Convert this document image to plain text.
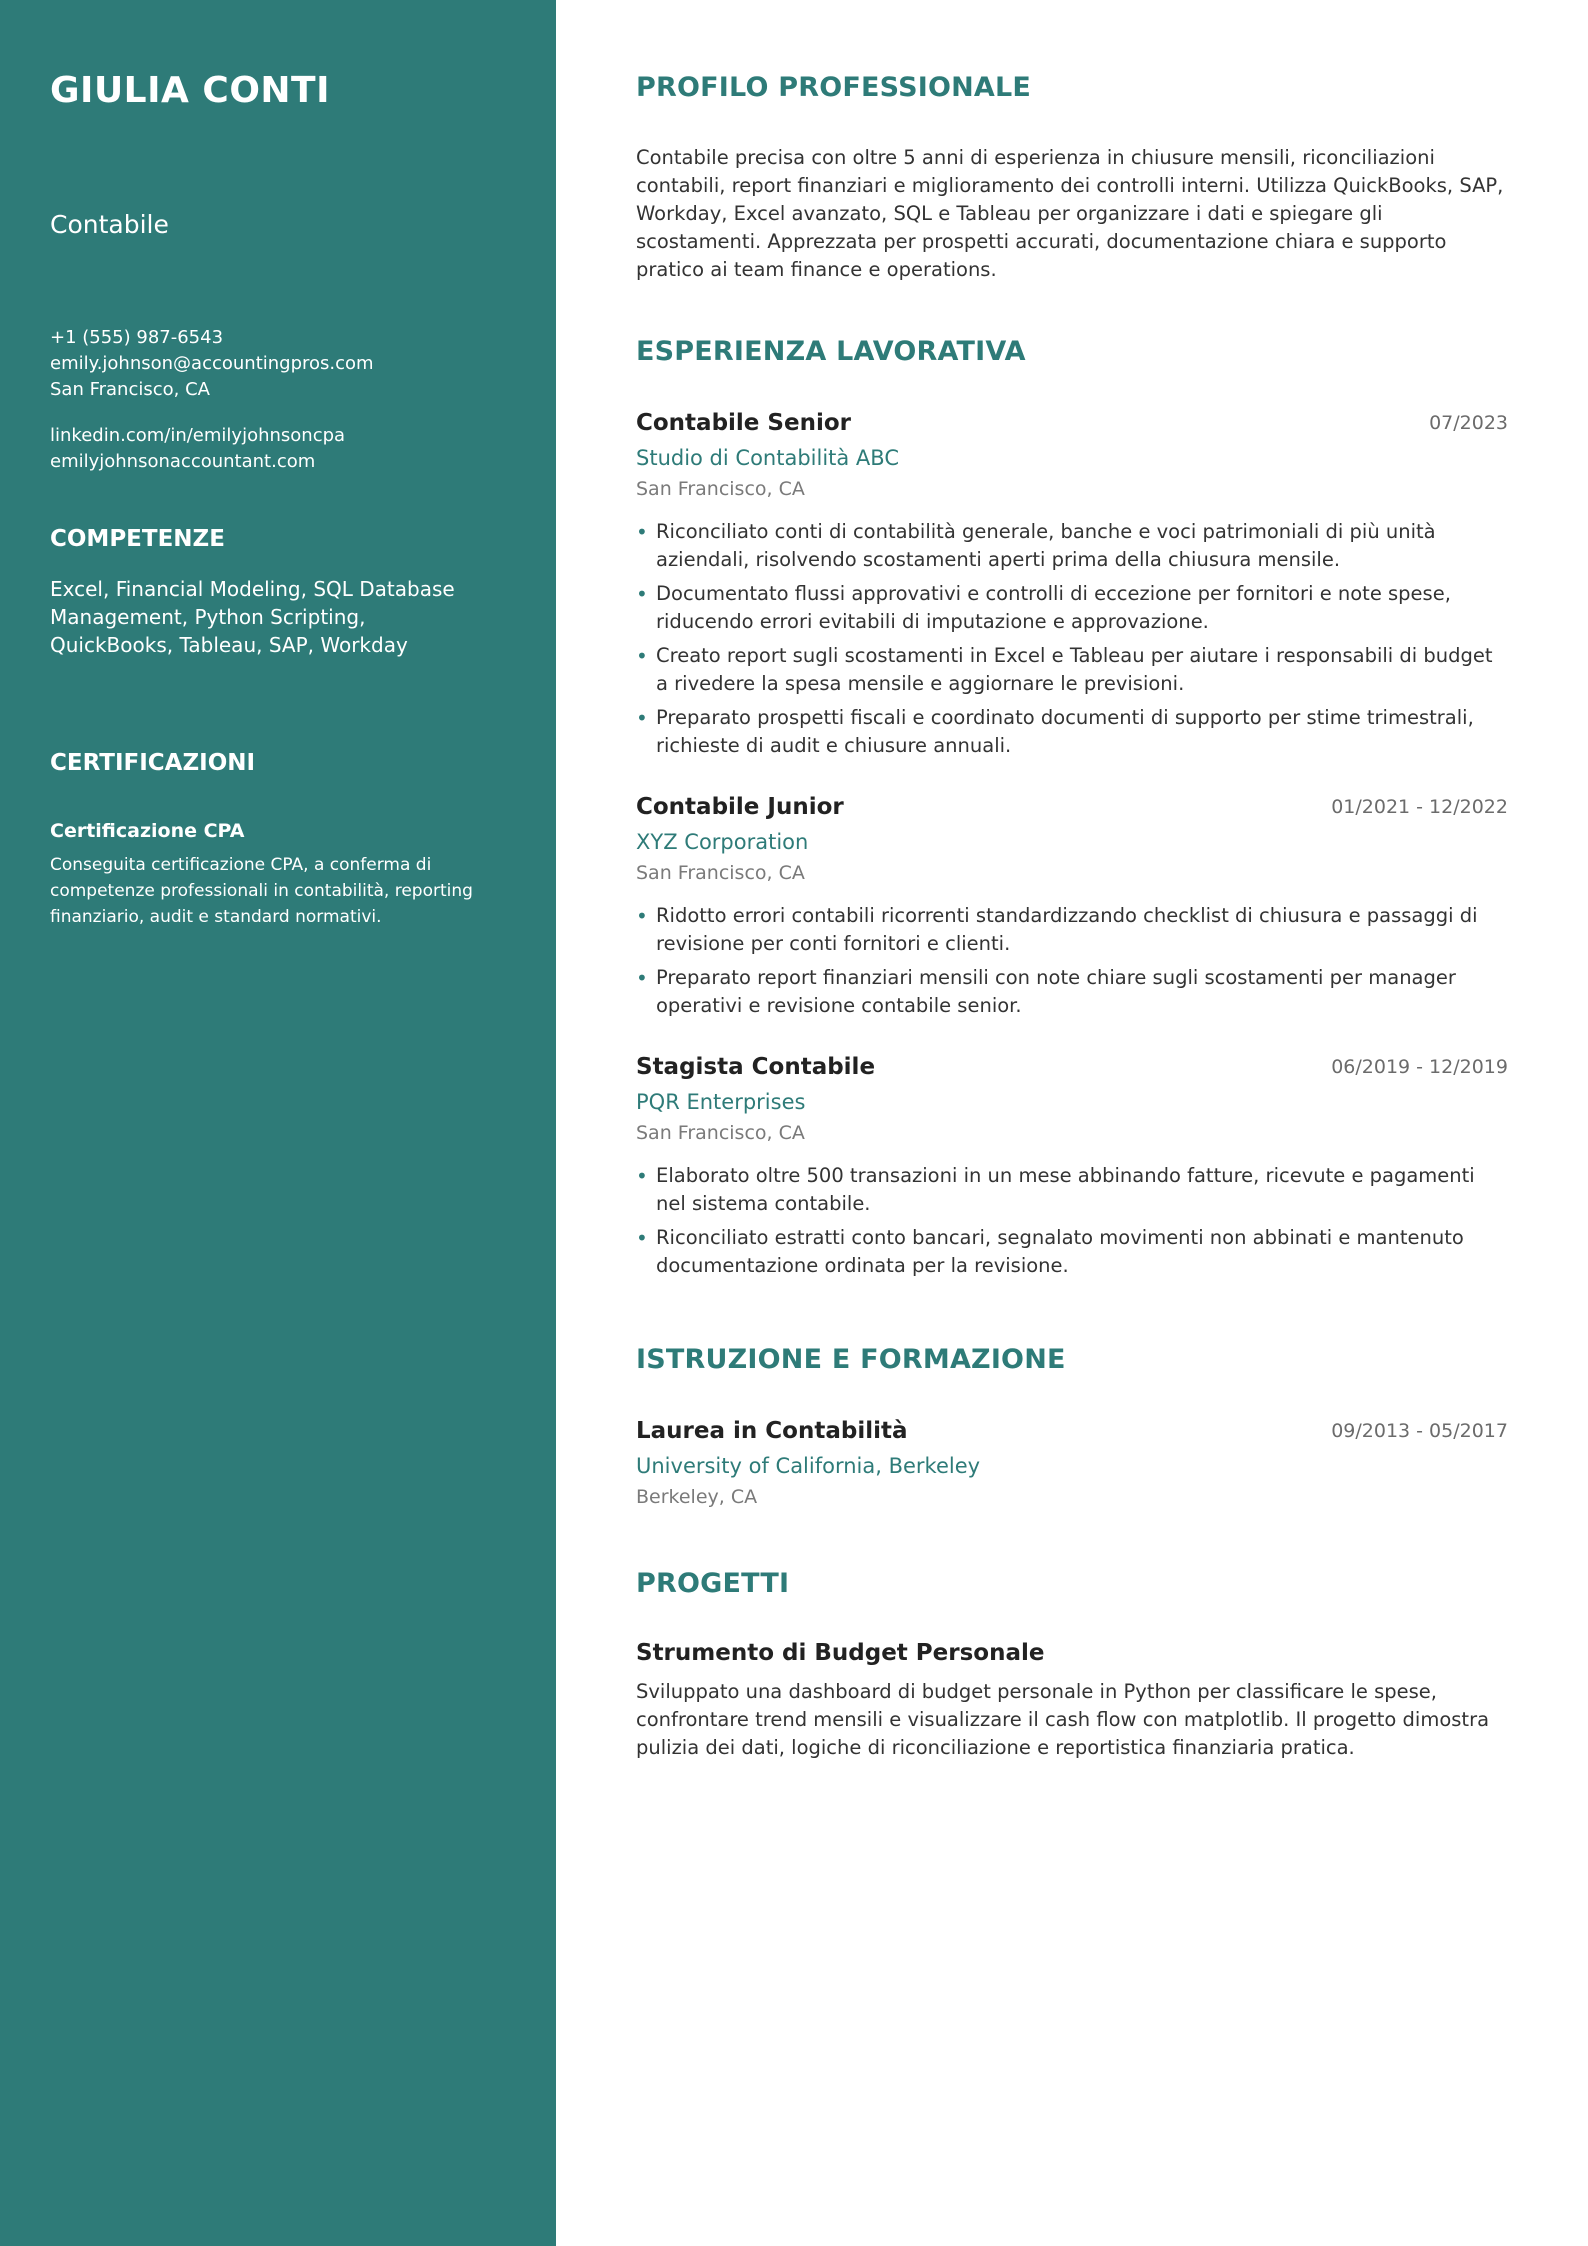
GIULIA CONTI
Contabile
+1 (555) 987-6543
emily.johnson@accountingpros.com
San Francisco, CA
linkedin.com/in/emilyjohnsoncpa
emilyjohnsonaccountant.com
COMPETENZE
Excel, Financial Modeling, SQL Database Management, Python Scripting, QuickBooks, Tableau, SAP, Workday
CERTIFICAZIONI
Certificazione CPA
Conseguita certificazione CPA, a conferma di competenze professionali in contabilità, reporting finanziario, audit e standard normativi.
PROFILO PROFESSIONALE
Contabile precisa con oltre 5 anni di esperienza in chiusure mensili, riconciliazioni contabili, report finanziari e miglioramento dei controlli interni. Utilizza QuickBooks, SAP, Workday, Excel avanzato, SQL e Tableau per organizzare i dati e spiegare gli scostamenti. Apprezzata per prospetti accurati, documentazione chiara e supporto pratico ai team finance e operations.
ESPERIENZA LAVORATIVA
Contabile Senior	07/2023
Studio di Contabilità ABC
San Francisco, CA
• Riconciliato conti di contabilità generale, banche e voci patrimoniali di più unità aziendali, risolvendo scostamenti aperti prima della chiusura mensile.
• Documentato flussi approvativi e controlli di eccezione per fornitori e note spese, riducendo errori evitabili di imputazione e approvazione.
• Creato report sugli scostamenti in Excel e Tableau per aiutare i responsabili di budget a rivedere la spesa mensile e aggiornare le previsioni.
• Preparato prospetti fiscali e coordinato documenti di supporto per stime trimestrali, richieste di audit e chiusure annuali.
Contabile Junior	01/2021 - 12/2022
XYZ Corporation
San Francisco, CA
• Ridotto errori contabili ricorrenti standardizzando checklist di chiusura e passaggi di revisione per conti fornitori e clienti.
• Preparato report finanziari mensili con note chiare sugli scostamenti per manager operativi e revisione contabile senior.
Stagista Contabile	06/2019 - 12/2019
PQR Enterprises
San Francisco, CA
• Elaborato oltre 500 transazioni in un mese abbinando fatture, ricevute e pagamenti nel sistema contabile.
• Riconciliato estratti conto bancari, segnalato movimenti non abbinati e mantenuto documentazione ordinata per la revisione.
ISTRUZIONE E FORMAZIONE
Laurea in Contabilità	09/2013 - 05/2017
University of California, Berkeley
Berkeley, CA
PROGETTI
Strumento di Budget Personale
Sviluppato una dashboard di budget personale in Python per classificare le spese, confrontare trend mensili e visualizzare il cash flow con matplotlib. Il progetto dimostra pulizia dei dati, logiche di riconciliazione e reportistica finanziaria pratica.
